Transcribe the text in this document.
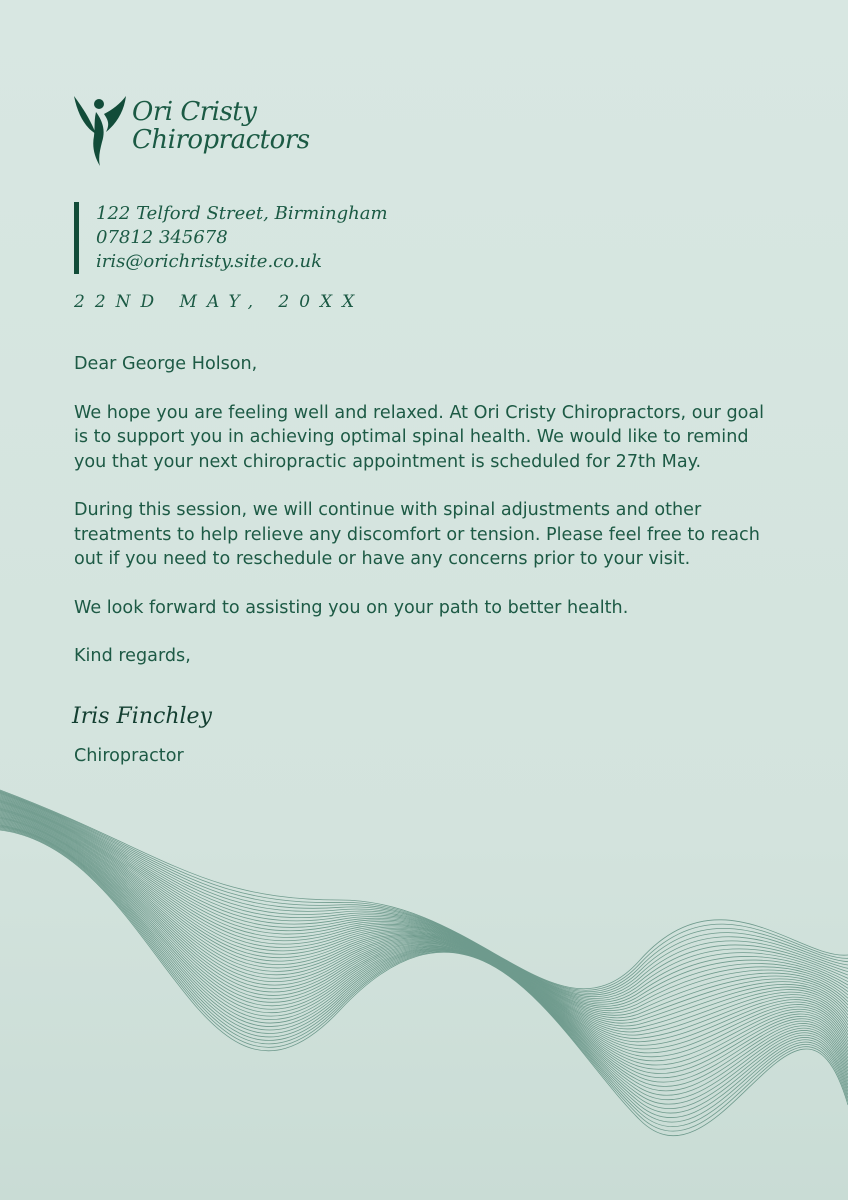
Ori Cristy
Chiropractors
122 Telford Street, Birmingham
07812 345678
iris@orichristy.site.co.uk
22ND MAY, 20XX

Dear George Holson,

We hope you are feeling well and relaxed. At Ori Cristy Chiropractors, our goal is to support you in achieving optimal spinal health. We would like to remind you that your next chiropractic appointment is scheduled for 27th May.

During this session, we will continue with spinal adjustments and other treatments to help relieve any discomfort or tension. Please feel free to reach out if you need to reschedule or have any concerns prior to your visit.

We look forward to assisting you on your path to better health.

Kind regards,

Iris Finchley
Chiropractor
